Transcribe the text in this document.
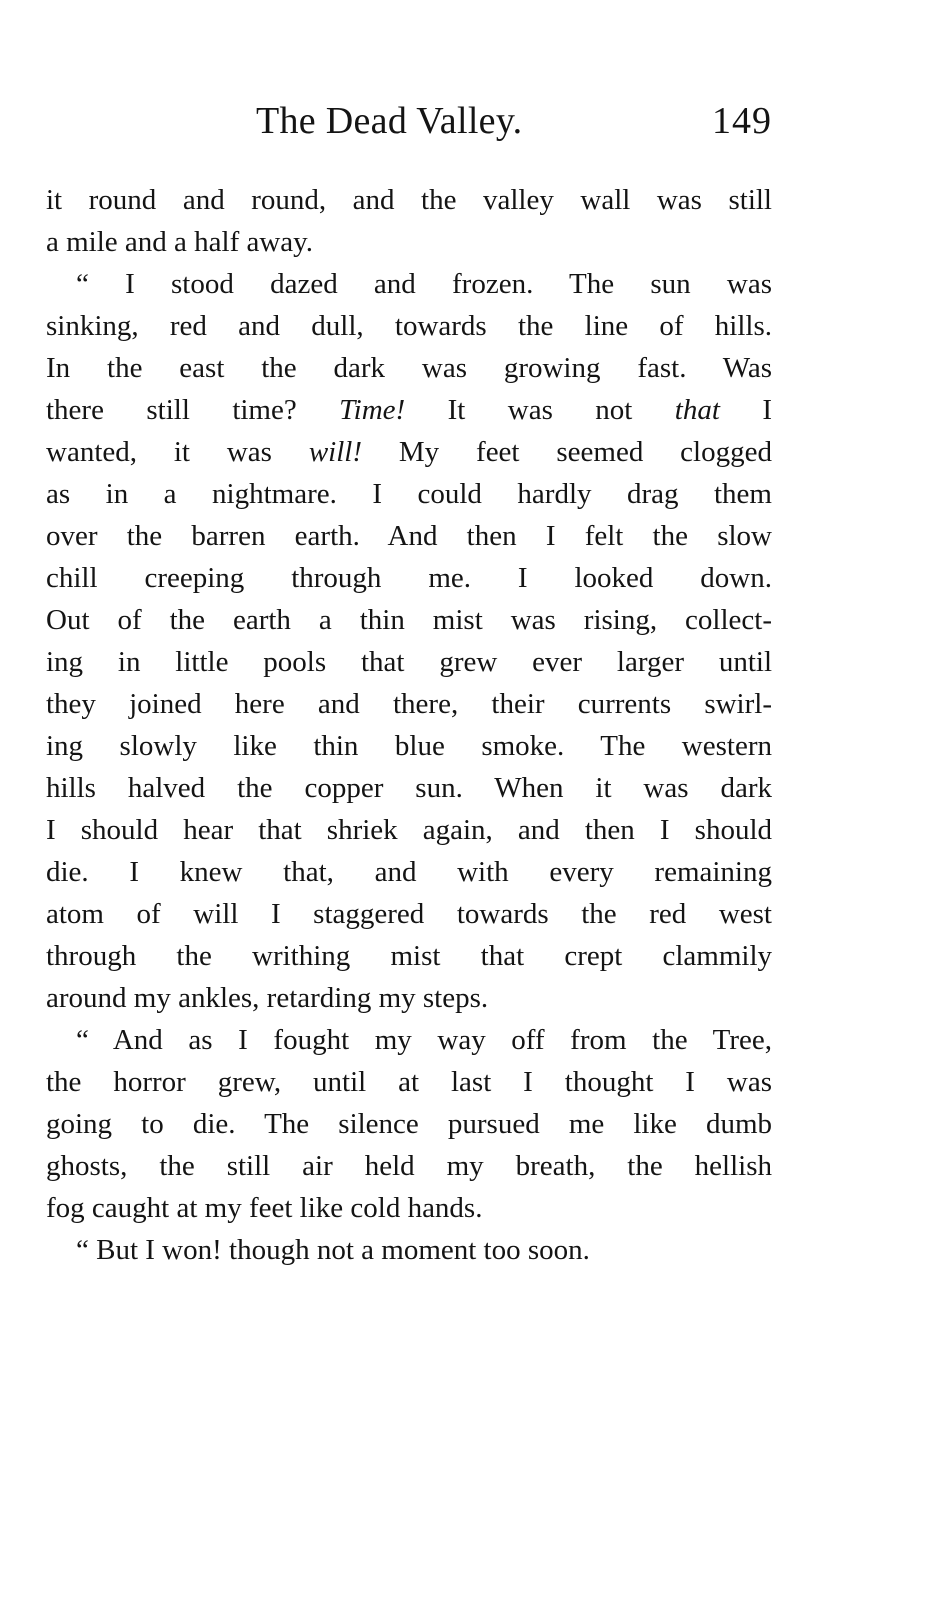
The Dead Valley.	149
it round and round, and the valley wall was still
a mile and a half away.
“ I stood dazed and frozen. The sun was
sinking, red and dull, towards the line of hills.
In the east the dark was growing fast. Was
there still time? Time! It was not that I
wanted, it was will! My feet seemed clogged
as in a nightmare. I could hardly drag them
over the barren earth. And then I felt the slow
chill creeping through me. I looked down.
Out of the earth a thin mist was rising, collect-
ing in little pools that grew ever larger until
they joined here and there, their currents swirl-
ing slowly like thin blue smoke. The western
hills halved the copper sun. When it was dark
I should hear that shriek again, and then I should
die. I knew that, and with every remaining
atom of will I staggered towards the red west
through the writhing mist that crept clammily
around my ankles, retarding my steps.
“ And as I fought my way off from the Tree,
the horror grew, until at last I thought I was
going to die. The silence pursued me like dumb
ghosts, the still air held my breath, the hellish
fog caught at my feet like cold hands.
“ But I won! though not a moment too soon.
